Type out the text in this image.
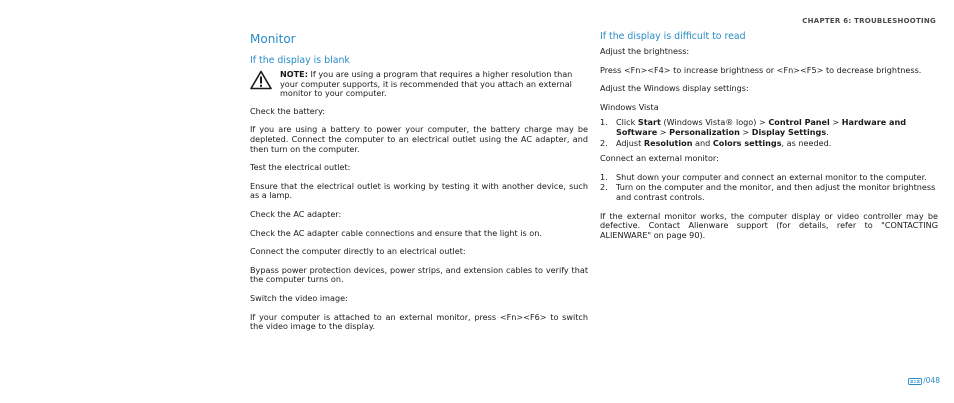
CHAPTER 6: TROUBLESHOOTING
Monitor
If the display is blank
NOTE: If you are using a program that requires a higher resolution than your computer supports, it is recommended that you attach an external monitor to your computer.

Check the battery:

If you are using a battery to power your computer, the battery charge may be depleted. Connect the computer to an electrical outlet using the AC adapter, and then turn on the computer.

Test the electrical outlet:

Ensure that the electrical outlet is working by testing it with another device, such as a lamp.

Check the AC adapter:

Check the AC adapter cable connections and ensure that the light is on.

Connect the computer directly to an electrical outlet:

Bypass power protection devices, power strips, and extension cables to verify that the computer turns on.

Switch the video image:

If your computer is attached to an external monitor, press <Fn><F6> to switch the video image to the display.

If the display is difficult to read

Adjust the brightness:

Press <Fn><F4> to increase brightness or <Fn><F5> to decrease brightness.

Adjust the Windows display settings:

Windows Vista

1. Click Start (Windows Vista® logo) > Control Panel > Hardware and Software > Personalization > Display Settings.
2. Adjust Resolution and Colors settings, as needed.

Connect an external monitor:

1. Shut down your computer and connect an external monitor to the computer.
2. Turn on the computer and the monitor, and then adjust the monitor brightness and contrast controls.

If the external monitor works, the computer display or video controller may be defective. Contact Alienware support (for details, refer to "CONTACTING ALIENWARE" on page 90).

/ 048
